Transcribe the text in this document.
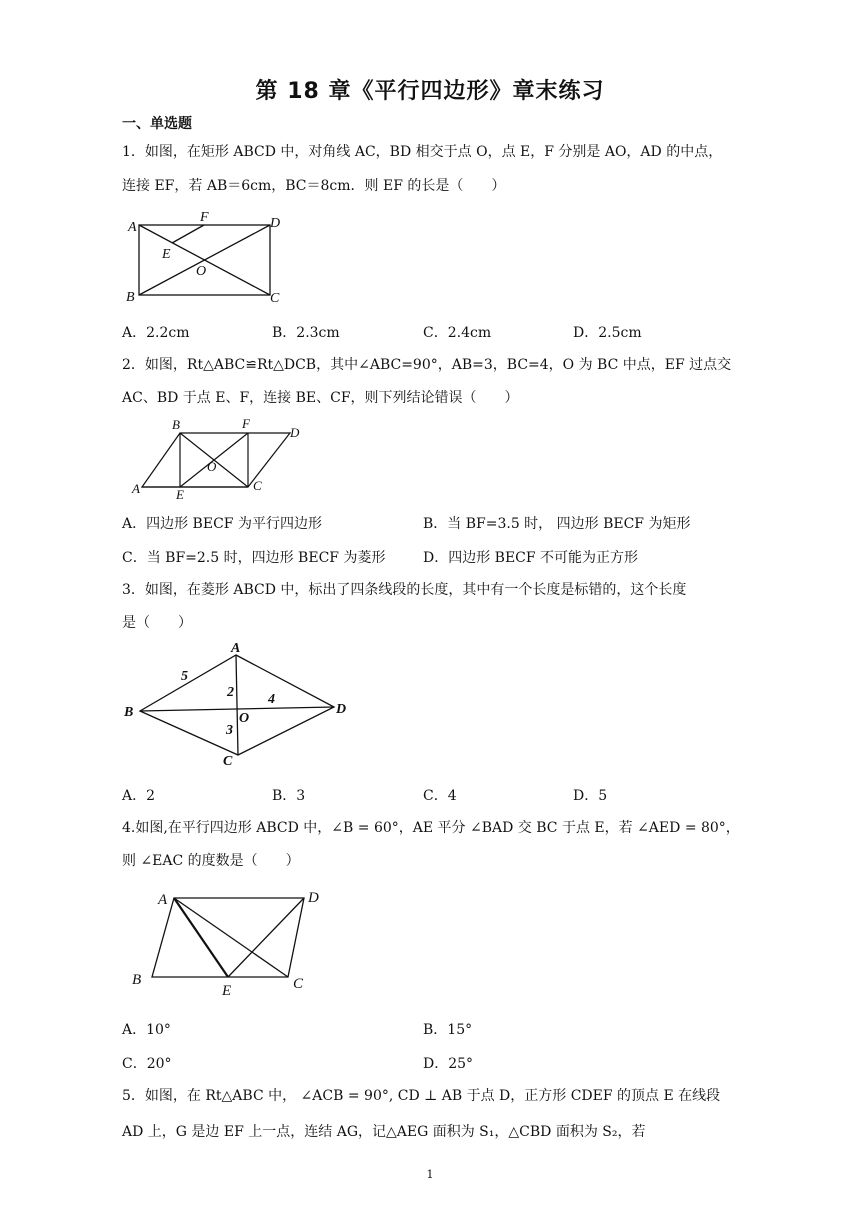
第 18 章《平行四边形》章末练习
一、单选题
1．如图，在矩形 ABCD 中，对角线 AC，BD 相交于点 O，点 E，F 分别是 AO，AD 的中点，
连接 EF，若 AB＝6cm，BC＝8cm．则 EF 的长是（　　）
A
B	C
D
E
F
O
A．2.2cm	B．2.3cm	C．2.4cm	D．2.5cm
2．如图，Rt△ABC≌Rt△DCB，其中∠ABC=90°，AB=3，BC=4，O 为 BC 中点，EF 过点交
AC、BD 于点 E、F，连接 BE、CF，则下列结论错误（　　）
A
B
C
D
E
F
O
A．四边形 BECF 为平行四边形	B．当 BF=3.5 时， 四边形 BECF 为矩形
C．当 BF=2.5 时，四边形 BECF 为菱形	D．四边形 BECF 不可能为正方形
3．如图，在菱形 ABCD 中，标出了四条线段的长度，其中有一个长度是标错的，这个长度
是（　　）
A
B
C
D
O
5
2 4
3
A．2	B．3	C．4	D．5
4.如图,在平行四边形 ABCD 中，∠B = 60°，AE 平分 ∠BAD 交 BC 于点 E，若 ∠AED = 80°，
则 ∠EAC 的度数是（　　）
A
B	C
D
E
A．10°	B．15°
C．20°	D．25°
5．如图，在 Rt△ABC 中， ∠ACB = 90°, CD ⊥ AB 于点 D，正方形 CDEF 的顶点 E 在线段
AD 上，G 是边 EF 上一点，连结 AG，记△AEG 面积为 S₁，△CBD 面积为 S₂，若
1
